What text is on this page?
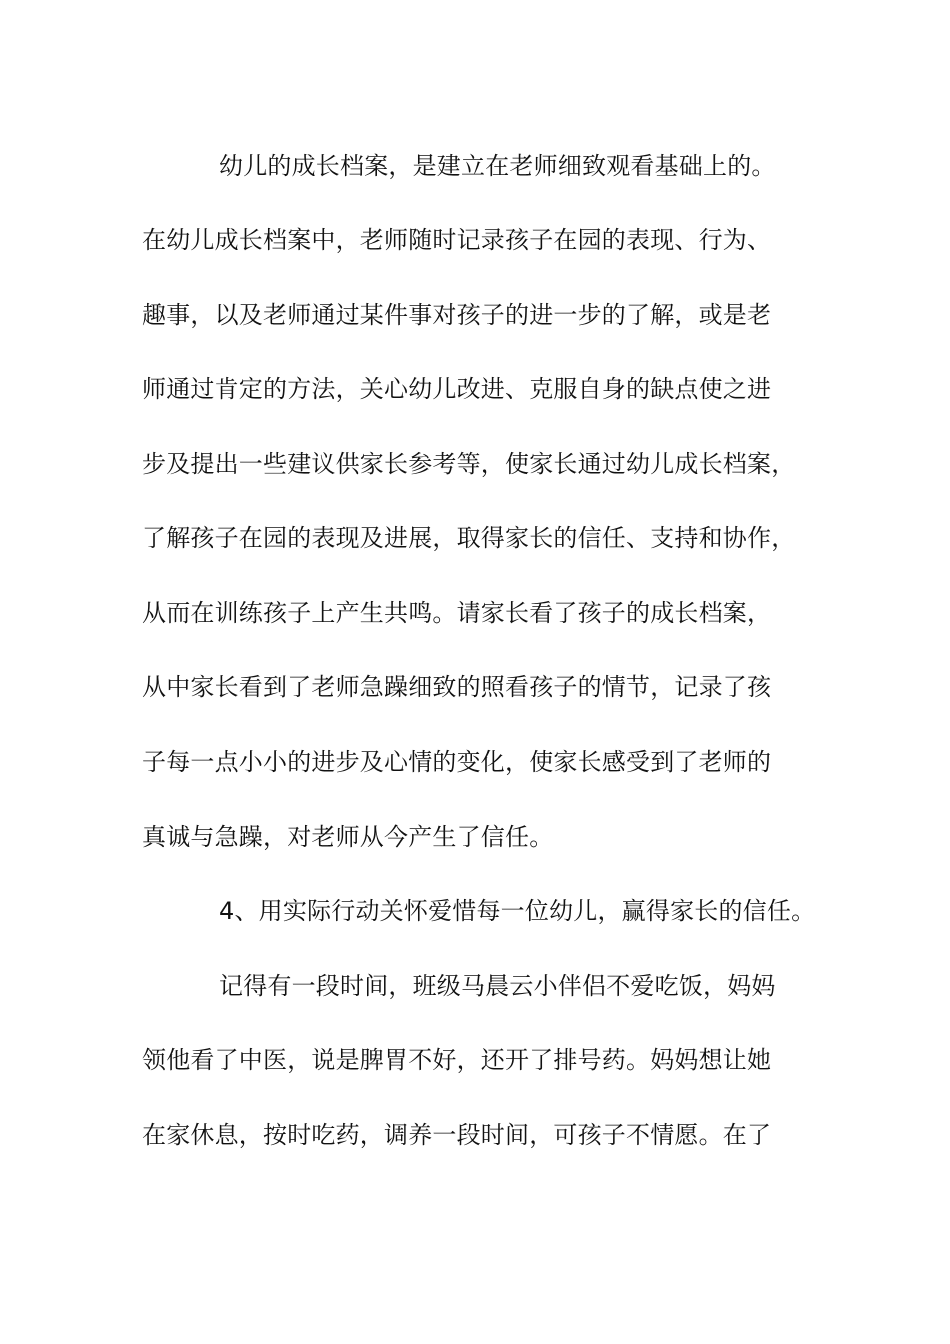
幼儿的成长档案，是建立在老师细致观看基础上的。
在幼儿成长档案中，老师随时记录孩子在园的表现、行为、
趣事，以及老师通过某件事对孩子的进一步的了解，或是老
师通过肯定的方法，关心幼儿改进、克服自身的缺点使之进
步及提出一些建议供家长参考等，使家长通过幼儿成长档案，
了解孩子在园的表现及进展，取得家长的信任、支持和协作，
从而在训练孩子上产生共鸣。请家长看了孩子的成长档案，
从中家长看到了老师急躁细致的照看孩子的情节，记录了孩
子每一点小小的进步及心情的变化，使家长感受到了老师的
真诚与急躁，对老师从今产生了信任。
4、用实际行动关怀爱惜每一位幼儿，赢得家长的信任。
记得有一段时间，班级马晨云小伴侣不爱吃饭，妈妈
领他看了中医，说是脾胃不好，还开了排号药。妈妈想让她
在家休息，按时吃药，调养一段时间，可孩子不情愿。在了
